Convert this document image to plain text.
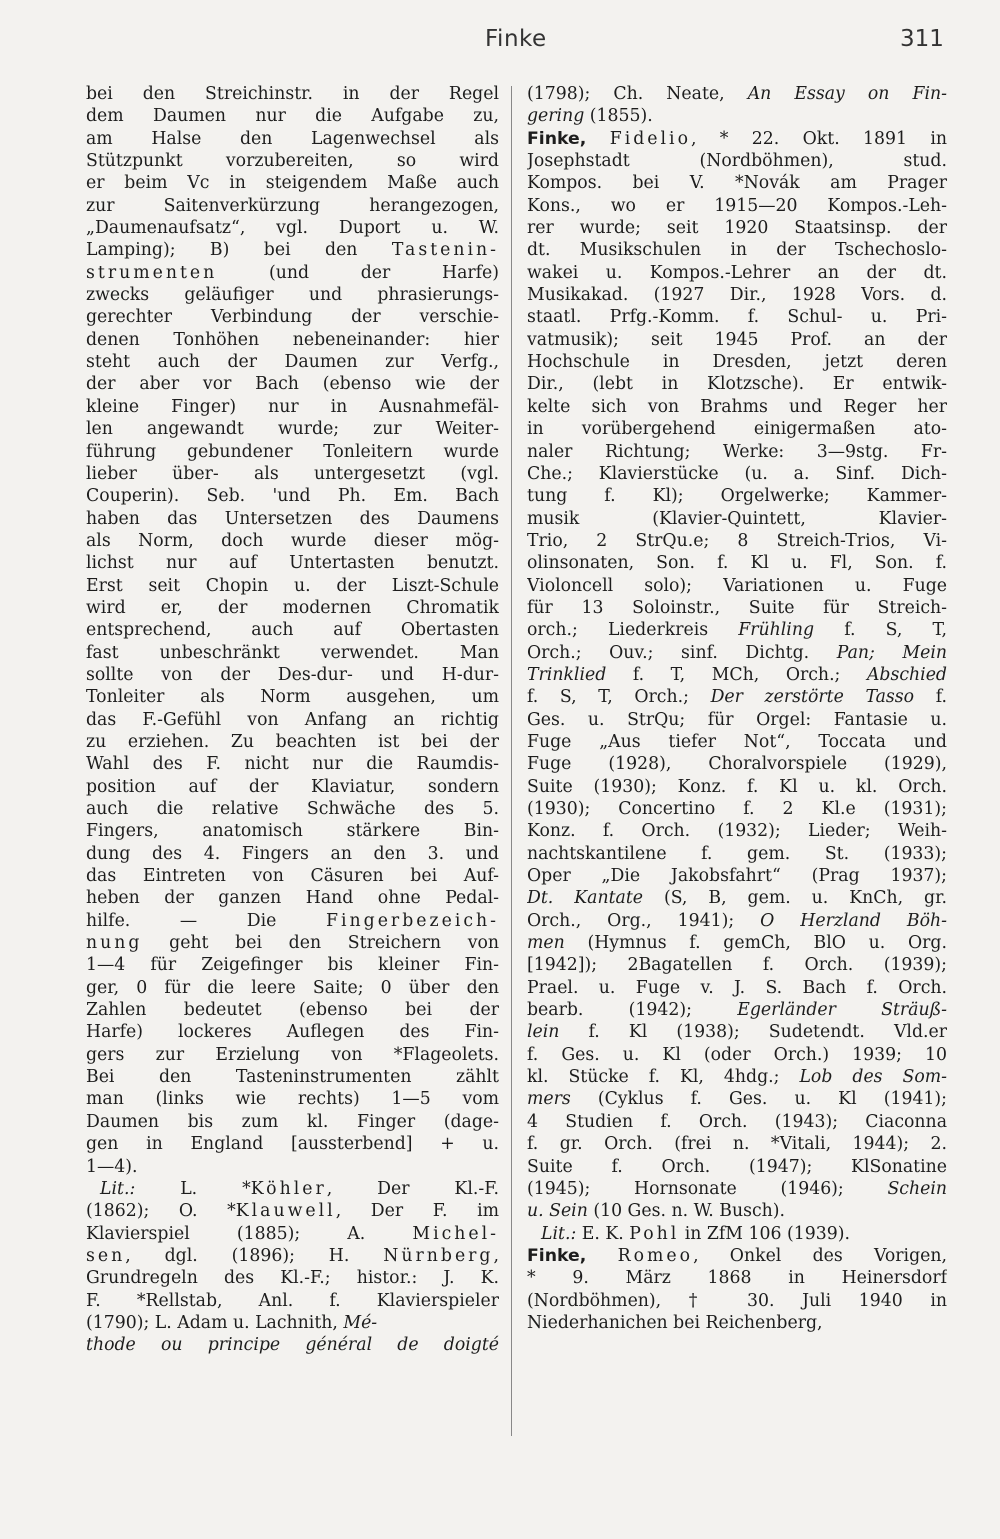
Finke	311
bei den Streichinstr. in der Regel
dem Daumen nur die Aufgabe zu,
am Halse den Lagenwechsel als
Stützpunkt vorzubereiten, so wird
er beim Vc in steigendem Maße auch
zur Saitenverkürzung herangezogen,
„Daumenaufsatz“, vgl. Duport u. W.
Lamping); B) bei den Tastenin-
strumenten (und der Harfe)
zwecks geläufiger und phrasierungs-
gerechter Verbindung der verschie-
denen Tonhöhen nebeneinander: hier
steht auch der Daumen zur Verfg.,
der aber vor Bach (ebenso wie der
kleine Finger) nur in Ausnahmefäl-
len angewandt wurde; zur Weiter-
führung gebundener Tonleitern wurde
lieber über- als untergesetzt (vgl.
Couperin). Seb. 'und Ph. Em. Bach
haben das Untersetzen des Daumens
als Norm, doch wurde dieser mög-
lichst nur auf Untertasten benutzt.
Erst seit Chopin u. der Liszt-Schule
wird er, der modernen Chromatik
entsprechend, auch auf Obertasten
fast unbeschränkt verwendet. Man
sollte von der Des-dur- und H-dur-
Tonleiter als Norm ausgehen, um
das F.-Gefühl von Anfang an richtig
zu erziehen. Zu beachten ist bei der
Wahl des F. nicht nur die Raumdis-
position auf der Klaviatur, sondern
auch die relative Schwäche des 5.
Fingers, anatomisch stärkere Bin-
dung des 4. Fingers an den 3. und
das Eintreten von Cäsuren bei Auf-
heben der ganzen Hand ohne Pedal-
hilfe. — Die Fingerbezeich-
nung geht bei den Streichern von
1—4 für Zeigefinger bis kleiner Fin-
ger, 0 für die leere Saite; 0 über den
Zahlen bedeutet (ebenso bei der
Harfe) lockeres Auflegen des Fin-
gers zur Erzielung von *Flageolets.
Bei den Tasteninstrumenten zählt
man (links wie rechts) 1—5 vom
Daumen bis zum kl. Finger (dage-
gen in England [aussterbend] + u.
1—4).
Lit.: L. *Köhler, Der Kl.-F.
(1862); O. *Klauwell, Der F. im
Klavierspiel (1885); A. Michel-
sen, dgl. (1896); H. Nürnberg,
Grundregeln des Kl.-F.; histor.: J. K.
F. *Rellstab, Anl. f. Klavierspieler
(1790); L. Adam u. Lachnith, Mé-
thode ou principe général de doigté
(1798); Ch. Neate, An Essay on Fin-
gering (1855).
Finke, Fidelio, * 22. Okt. 1891 in
Josephstadt (Nordböhmen), stud.
Kompos. bei V. *Novák am Prager
Kons., wo er 1915—20 Kompos.-Leh-
rer wurde; seit 1920 Staatsinsp. der
dt. Musikschulen in der Tschechoslo-
wakei u. Kompos.-Lehrer an der dt.
Musikakad. (1927 Dir., 1928 Vors. d.
staatl. Prfg.-Komm. f. Schul- u. Pri-
vatmusik); seit 1945 Prof. an der
Hochschule in Dresden, jetzt deren
Dir., (lebt in Klotzsche). Er entwik-
kelte sich von Brahms und Reger her
in vorübergehend einigermaßen ato-
naler Richtung; Werke: 3—9stg. Fr-
Che.; Klavierstücke (u. a. Sinf. Dich-
tung f. Kl); Orgelwerke; Kammer-
musik (Klavier-Quintett, Klavier-
Trio, 2 StrQu.e; 8 Streich-Trios, Vi-
olinsonaten, Son. f. Kl u. Fl, Son. f.
Violoncell solo); Variationen u. Fuge
für 13 Soloinstr., Suite für Streich-
orch.; Liederkreis Frühling f. S, T,
Orch.; Ouv.; sinf. Dichtg. Pan; Mein
Trinklied f. T, MCh, Orch.; Abschied
f. S, T, Orch.; Der zerstörte Tasso f.
Ges. u. StrQu; für Orgel: Fantasie u.
Fuge „Aus tiefer Not“, Toccata und
Fuge (1928), Choralvorspiele (1929),
Suite (1930); Konz. f. Kl u. kl. Orch.
(1930); Concertino f. 2 Kl.e (1931);
Konz. f. Orch. (1932); Lieder; Weih-
nachtskantilene f. gem. St. (1933);
Oper „Die Jakobsfahrt“ (Prag 1937);
Dt. Kantate (S, B, gem. u. KnCh, gr.
Orch., Org., 1941); O Herzland Böh-
men (Hymnus f. gemCh, BlO u. Org.
[1942]); 2Bagatellen f. Orch. (1939);
Prael. u. Fuge v. J. S. Bach f. Orch.
bearb. (1942); Egerländer Sträuß-
lein f. Kl (1938); Sudetendt. Vld.er
f. Ges. u. Kl (oder Orch.) 1939; 10
kl. Stücke f. Kl, 4hdg.; Lob des Som-
mers (Cyklus f. Ges. u. Kl (1941);
4 Studien f. Orch. (1943); Ciaconna
f. gr. Orch. (frei n. *Vitali, 1944); 2.
Suite f. Orch. (1947); KlSonatine
(1945); Hornsonate (1946); Schein
u. Sein (10 Ges. n. W. Busch).
Lit.: E. K. Pohl in ZfM 106 (1939).
Finke, Romeo, Onkel des Vorigen,
* 9. März 1868 in Heinersdorf
(Nordböhmen), † 30. Juli 1940 in
Niederhanichen bei Reichenberg,
